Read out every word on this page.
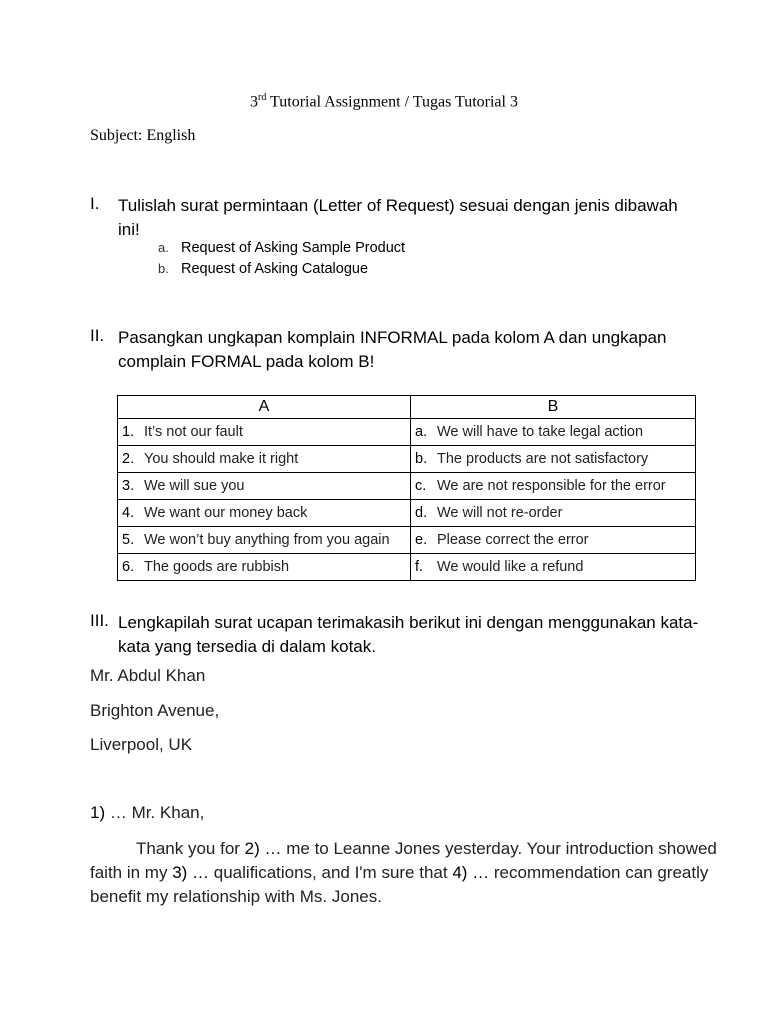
3rd Tutorial Assignment / Tugas Tutorial 3
Subject: English
I. Tulislah surat permintaan (Letter of Request) sesuai dengan jenis dibawah ini!
a. Request of Asking Sample Product
b. Request of Asking Catalogue
II. Pasangkan ungkapan komplain INFORMAL pada kolom A dan ungkapan complain FORMAL pada kolom B!
A	B
1. It’s not our fault	a. We will have to take legal action
2. You should make it right	b. The products are not satisfactory
3. We will sue you	c. We are not responsible for the error
4. We want our money back	d. We will not re-order
5. We won’t buy anything from you again	e. Please correct the error
6. The goods are rubbish	f. We would like a refund
III. Lengkapilah surat ucapan terimakasih berikut ini dengan menggunakan kata-kata yang tersedia di dalam kotak.
Mr. Abdul Khan
Brighton Avenue,
Liverpool, UK
1) … Mr. Khan,
Thank you for 2) … me to Leanne Jones yesterday. Your introduction showed faith in my 3) … qualifications, and I'm sure that 4) … recommendation can greatly benefit my relationship with Ms. Jones.
